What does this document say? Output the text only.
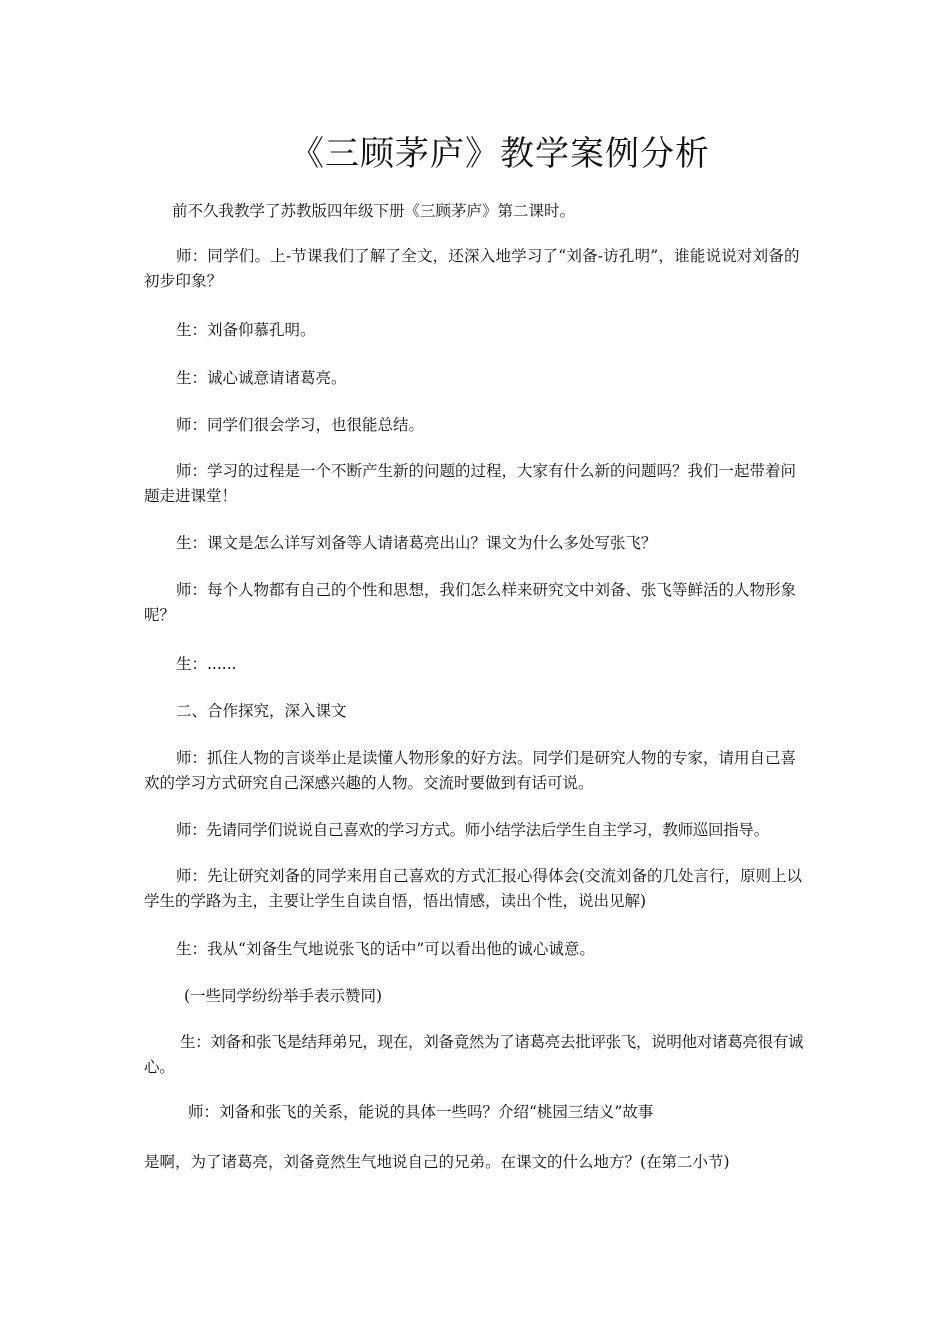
《三顾茅庐》教学案例分析
前不久我教学了苏教版四年级下册《三顾茅庐》第二课时。
师：同学们。上-节课我们了解了全文，还深入地学习了“刘备-访孔明”，谁能说说对刘备的初步印象？
生：刘备仰慕孔明。
生：诚心诚意请诸葛亮。
师：同学们很会学习，也很能总结。
师：学习的过程是一个不断产生新的问题的过程，大家有什么新的问题吗？我们一起带着问题走进课堂！
生：课文是怎么详写刘备等人请诸葛亮出山？课文为什么多处写张飞？
师：每个人物都有自己的个性和思想，我们怎么样来研究文中刘备、张飞等鲜活的人物形象呢？
生：......
二、合作探究，深入课文
师：抓住人物的言谈举止是读懂人物形象的好方法。同学们是研究人物的专家，请用自己喜欢的学习方式研究自己深感兴趣的人物。交流时要做到有话可说。
师：先请同学们说说自己喜欢的学习方式。师小结学法后学生自主学习，教师巡回指导。
师：先让研究刘备的同学来用自己喜欢的方式汇报心得体会(交流刘备的几处言行，原则上以学生的学路为主，主要让学生自读自悟，悟出情感，读出个性，说出见解)
生：我从“刘备生气地说张飞的话中”可以看出他的诚心诚意。
(一些同学纷纷举手表示赞同)
生：刘备和张飞是结拜弟兄，现在，刘备竟然为了诸葛亮去批评张飞，说明他对诸葛亮很有诚心。
师：刘备和张飞的关系，能说的具体一些吗？介绍“桃园三结义”故事
是啊，为了诸葛亮，刘备竟然生气地说自己的兄弟。在课文的什么地方？(在第二小节)
